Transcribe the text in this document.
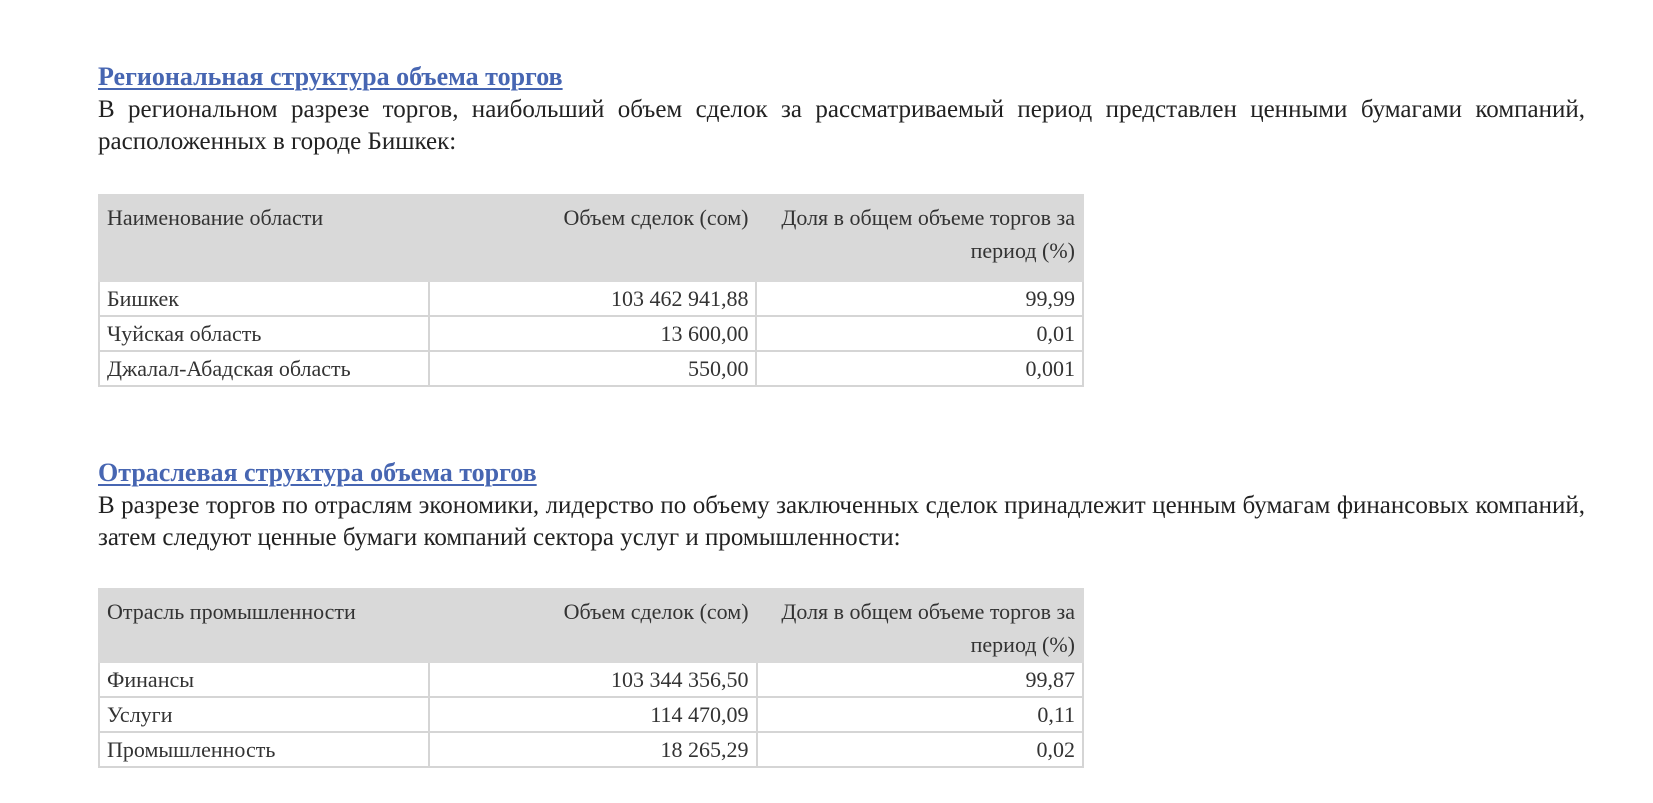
Региональная структура объема торгов

В региональном разрезе торгов, наибольший объем сделок за рассматриваемый период представлен ценными бумагами компаний, расположенных в городе Бишкек:

Наименование области	Объем сделок (сом)	Доля в общем объеме торгов за период (%)
Бишкек	103 462 941,88	99,99
Чуйская область	13 600,00	0,01
Джалал-Абадская область	550,00	0,001
Отраслевая структура объема торгов

В разрезе торгов по отраслям экономики, лидерство по объему заключенных сделок принадлежит ценным бумагам финансовых компаний, затем следуют ценные бумаги компаний сектора услуг и промышленности:

Отрасль промышленности	Объем сделок (сом)	Доля в общем объеме торгов за период (%)
Финансы	103 344 356,50	99,87
Услуги	114 470,09	0,11
Промышленность	18 265,29	0,02
